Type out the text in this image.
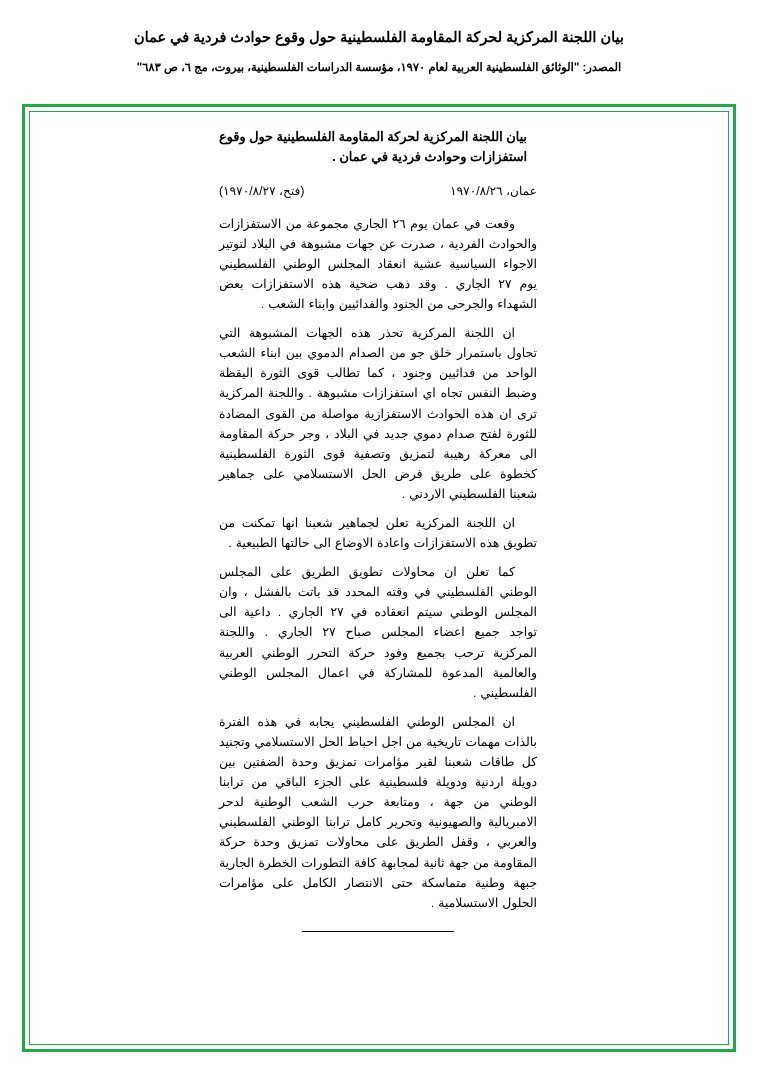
بيان اللجنة المركزية لحركة المقاومة الفلسطينية حول وقوع حوادث فردية في عمان
المصدر: "الوثائق الفلسطينية العربية لعام ١٩٧٠، مؤسسة الدراسات الفلسطينية، بيروت، مج ٦، ص ٦٨٣"
بيان اللجنة المركزية لحركة المقاومة الفلسطينية حول وقوع استفزازات وحوادث فردية في عمان .
عمان، ١٩٧٠/٨/٢٦
(فتح، ١٩٧٠/٨/٢٧)

وقعت في عمان يوم ٢٦ الجاري مجموعة من الاستفزازات والحوادث الفردية ، صدرت عن جهات مشبوهة في البلاد لتوتير الاجواء السياسية عشية انعقاد المجلس الوطني الفلسطيني يوم ٢٧ الجاري . وقد ذهب ضحية هذه الاستفزازات بعض الشهداء والجرحى من الجنود والفدائيين وابناء الشعب .

ان اللجنة المركزية تحذر هذه الجهات المشبوهة التي تحاول باستمرار خلق جو من الصدام الدموي بين ابناء الشعب الواحد من فدائيين وجنود ، كما تطالب قوى الثورة اليقظة وضبط النفس تجاه اي استفزازات مشبوهة . واللجنة المركزية ترى ان هذه الحوادث الاستفزازية مواصلة من القوى المضادة للثورة لفتح صدام دموي جديد في البلاد ، وجر حركة المقاومة الى معركة رهيبة لتمزيق وتصفية قوى الثورة الفلسطينية كخطوة على طريق فرض الحل الاستسلامي على جماهير شعبنا الفلسطيني الاردني .

ان اللجنة المركزية تعلن لجماهير شعبنا انها تمكنت من تطويق هذه الاستفزازات واعادة الاوضاع الى حالتها الطبيعية .

كما تعلن ان محاولات تطويق الطريق على المجلس الوطني الفلسطيني في وقته المحدد قد باتت بالفشل ، وان المجلس الوطني سيتم انعقاده في ٢٧ الجاري . داعية الى تواجد جميع اعضاء المجلس صباح ٢٧ الجاري . واللجنة المركزية ترحب بجميع وفود حركة التحرر الوطني العربية والعالمية المدعوة للمشاركة في اعمال المجلس الوطني الفلسطيني .

ان المجلس الوطني الفلسطيني يجابه في هذه الفترة بالذات مهمات تاريخية من اجل احباط الحل الاستسلامي وتجنيد كل طاقات شعبنا لقبر مؤامرات تمزيق وحدة الضفتين بين دويلة اردنية ودويلة فلسطينية على الجزء الباقي من ترابنا الوطني من جهة ، ومتابعة حرب الشعب الوطنية لدحر الامبريالية والصهيونية وتحرير كامل ترابنا الوطني الفلسطيني والعربي ، وقفل الطريق على محاولات تمزيق وحدة حركة المقاومة من جهة ثانية لمجابهة كافة التطورات الخطرة الجارية جبهة وطنية متماسكة حتى الانتصار الكامل على مؤامرات الحلول الاستسلامية .
